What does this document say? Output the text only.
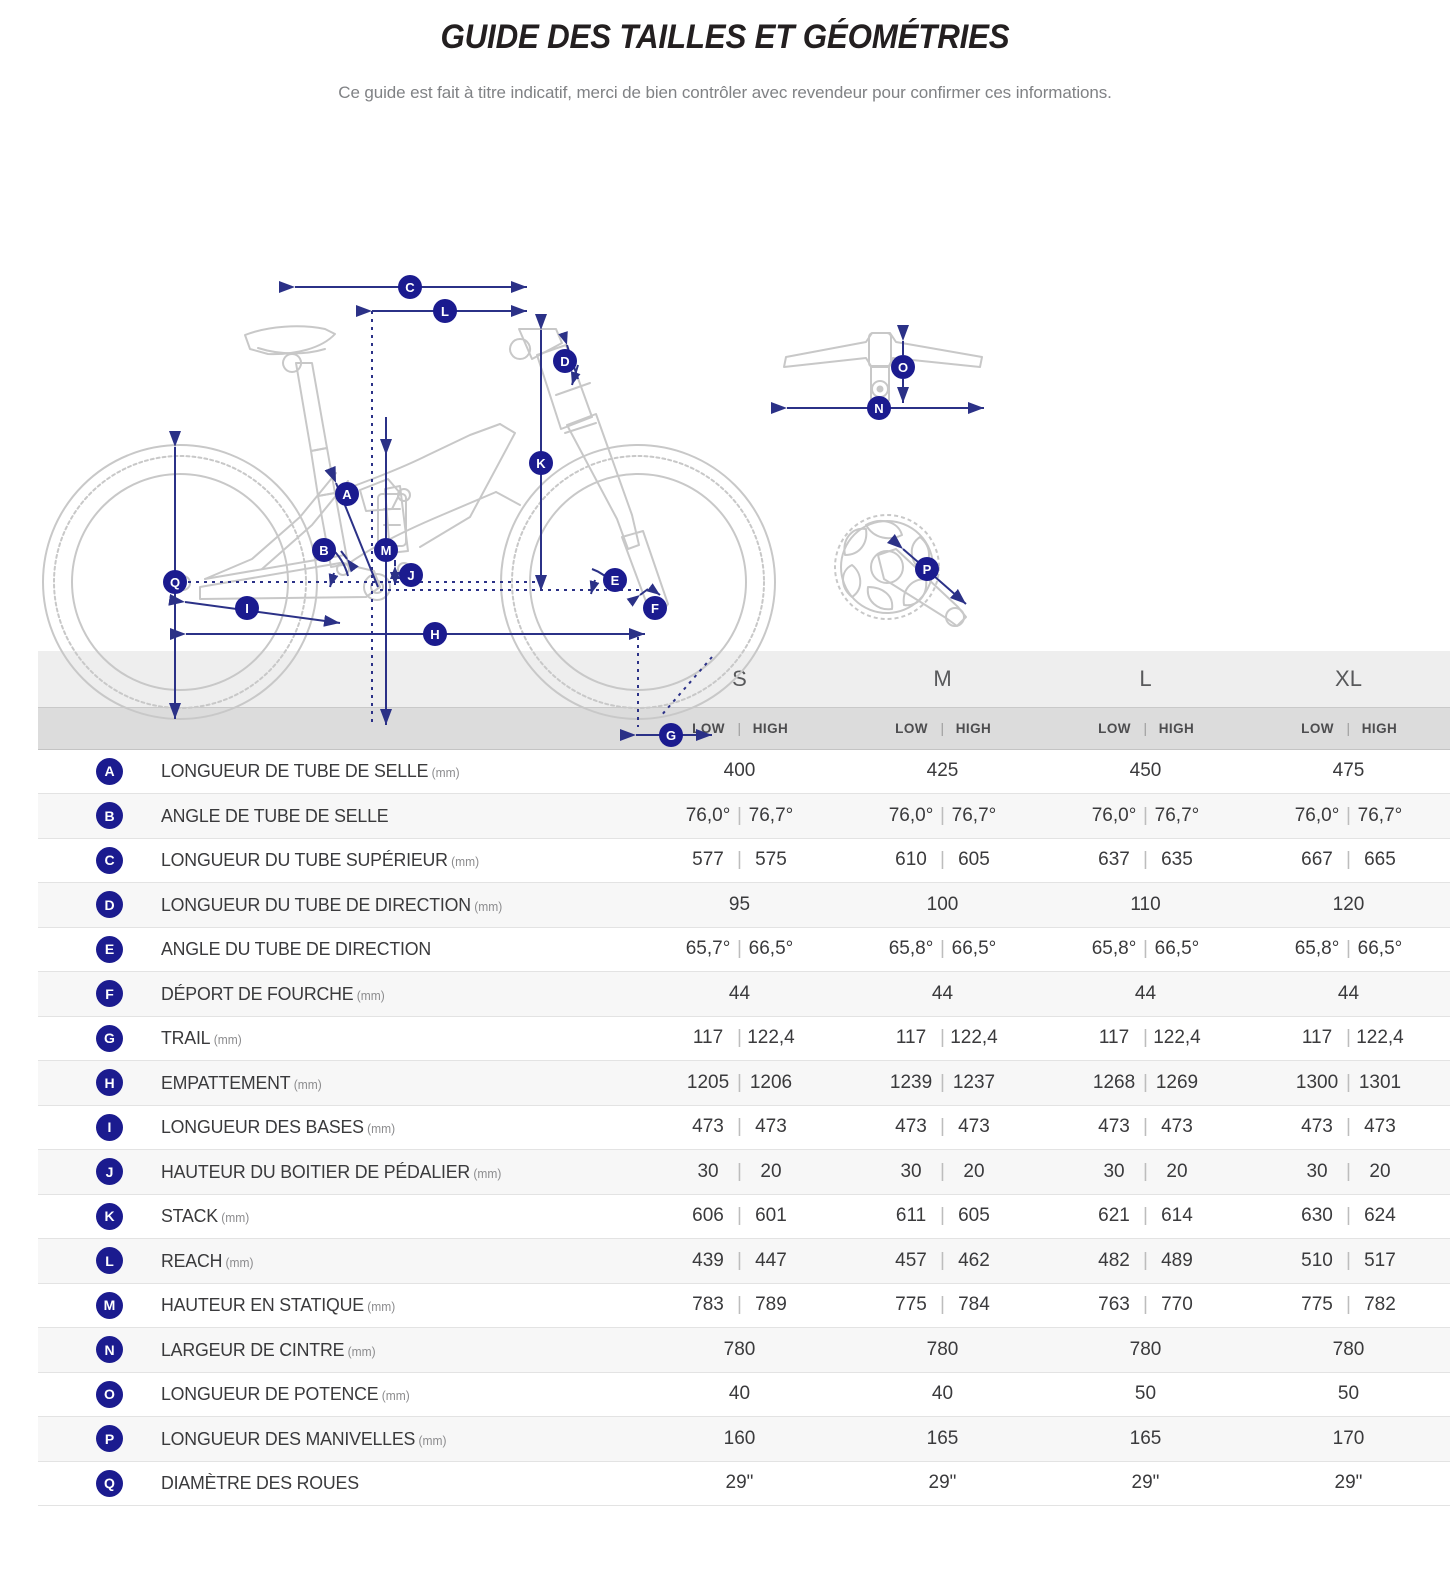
GUIDE DES TAILLES ET GÉOMÉTRIES
Ce guide est fait à titre indicatif, merci de bien contrôler avec revendeur pour confirmer ces informations.
C
L
D
K
A
B	M
J
Q
I
H
E
F
G
O
N
P
	S	M	L	XL

	LOW | HIGH	LOW | HIGH	LOW | HIGH	LOW | HIGH

A LONGUEUR DE TUBE DE SELLE (mm)	400	425	450	475

B	ANGLE DE TUBE DE SELLE	76,0° | 76,7°	76,0° | 76,7°	76,0° | 76,7°	76,0° | 76,7°

C	LONGUEUR DU TUBE SUPÉRIEUR (mm)	577 | 575	610 | 605	637 | 635	667 | 665

D LONGUEUR DU TUBE DE DIRECTION (mm)	95	100	110	120

E	ANGLE DU TUBE DE DIRECTION	65,7° | 66,5°	65,8° | 66,5°	65,8° | 66,5°	65,8° | 66,5°

F DÉPORT DE FOURCHE (mm)	44	44	44	44

G	TRAIL (mm)	117 | 122,4	117 | 122,4	117 | 122,4	117 | 122,4

H	EMPATTEMENT (mm)	1205 | 1206	1239 | 1237	1268 | 1269	1300 | 1301

I	LONGUEUR DES BASES (mm)	473 | 473	473 | 473	473 | 473	473 | 473

J	HAUTEUR DU BOITIER DE PÉDALIER (mm)	30 | 20	30 | 20	30 | 20	30 | 20

K	STACK (mm)	606 | 601	611 | 605	621 | 614	630 | 624

L	REACH (mm)	439 | 447	457 | 462	482 | 489	510 | 517

M	HAUTEUR EN STATIQUE (mm)	783 | 789	775 | 784	763 | 770	775 | 782

N LARGEUR DE CINTRE (mm)	780	780	780	780

O LONGUEUR DE POTENCE (mm)	40	40	50	50

P LONGUEUR DES MANIVELLES (mm)	160	165	165	170

Q DIAMÈTRE DES ROUES	29"	29"	29"	29"
